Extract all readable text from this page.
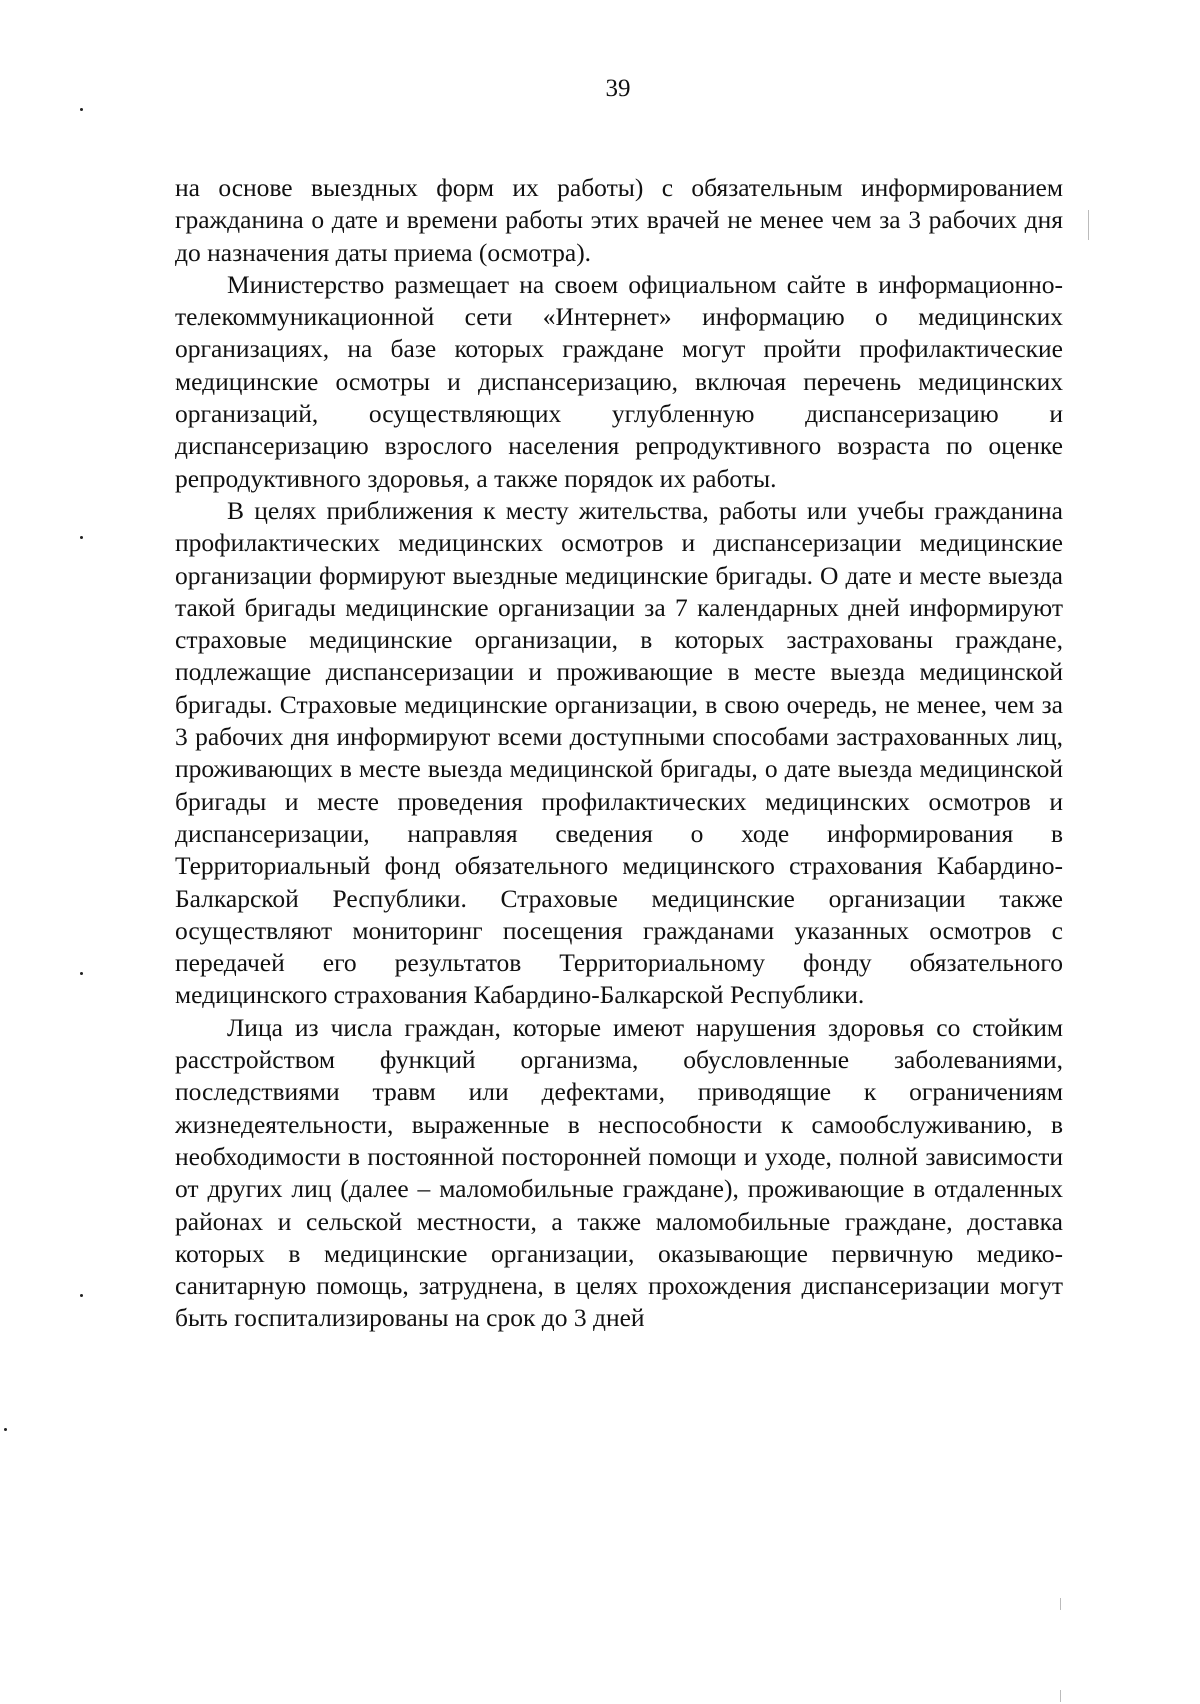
39

на основе выездных форм их работы) с обязательным информированием гражданина о дате и времени работы этих врачей не менее чем за 3 рабочих дня до назначения даты приема (осмотра).

Министерство размещает на своем официальном сайте в информационно-телекоммуникационной сети «Интернет» информацию о медицинских организациях, на базе которых граждане могут пройти профилактические медицинские осмотры и диспансеризацию, включая перечень медицинских организаций, осуществляющих углубленную диспансеризацию и диспансеризацию взрослого населения репродуктивного возраста по оценке репродуктивного здоровья, а также порядок их работы.

В целях приближения к месту жительства, работы или учебы гражданина профилактических медицинских осмотров и диспансеризации медицинские организации формируют выездные медицинские бригады. О дате и месте выезда такой бригады медицинские организации за 7 календарных дней информируют страховые медицинские организации, в которых застрахованы граждане, подлежащие диспансеризации и проживающие в месте выезда медицинской бригады. Страховые медицинские организации, в свою очередь, не менее, чем за 3 рабочих дня информируют всеми доступными способами застрахованных лиц, проживающих в месте выезда медицинской бригады, о дате выезда медицинской бригады и месте проведения профилактических медицинских осмотров и диспансеризации, направляя сведения о ходе информирования в Территориальный фонд обязательного медицинского страхования Кабардино-Балкарской Республики. Страховые медицинские организации также осуществляют мониторинг посещения гражданами указанных осмотров с передачей его результатов Территориальному фонду обязательного медицинского страхования Кабардино-Балкарской Республики.

Лица из числа граждан, которые имеют нарушения здоровья со стойким расстройством функций организма, обусловленные заболеваниями, последствиями травм или дефектами, приводящие к ограничениям жизнедеятельности, выраженные в неспособности к самообслуживанию, в необходимости в постоянной посторонней помощи и уходе, полной зависимости от других лиц (далее – маломобильные граждане), проживающие в отдаленных районах и сельской местности, а также маломобильные граждане, доставка которых в медицинские организации, оказывающие первичную медико-санитарную помощь, затруднена, в целях прохождения диспансеризации могут быть госпитализированы на срок до 3 дней
